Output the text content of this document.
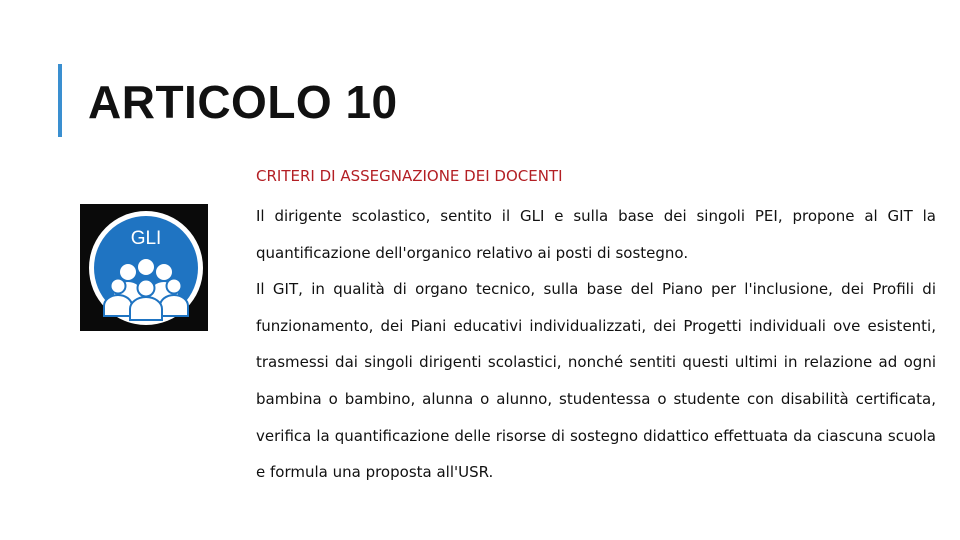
ARTICOLO 10
GLI
CRITERI DI ASSEGNAZIONE DEI DOCENTI

Il dirigente scolastico, sentito il GLI e sulla base dei singoli PEI, propone al GIT la quantificazione dell'organico relativo ai posti di sostegno.

Il GIT, in qualità di organo tecnico, sulla base del Piano per l'inclusione, dei Profili di funzionamento, dei Piani educativi individualizzati, dei Progetti individuali ove esistenti, trasmessi dai singoli dirigenti scolastici, nonché sentiti questi ultimi in relazione ad ogni bambina o bambino, alunna o alunno, studentessa o studente con disabilità certificata, verifica la quantificazione delle risorse di sostegno didattico effettuata da ciascuna scuola e formula una proposta all'USR.
